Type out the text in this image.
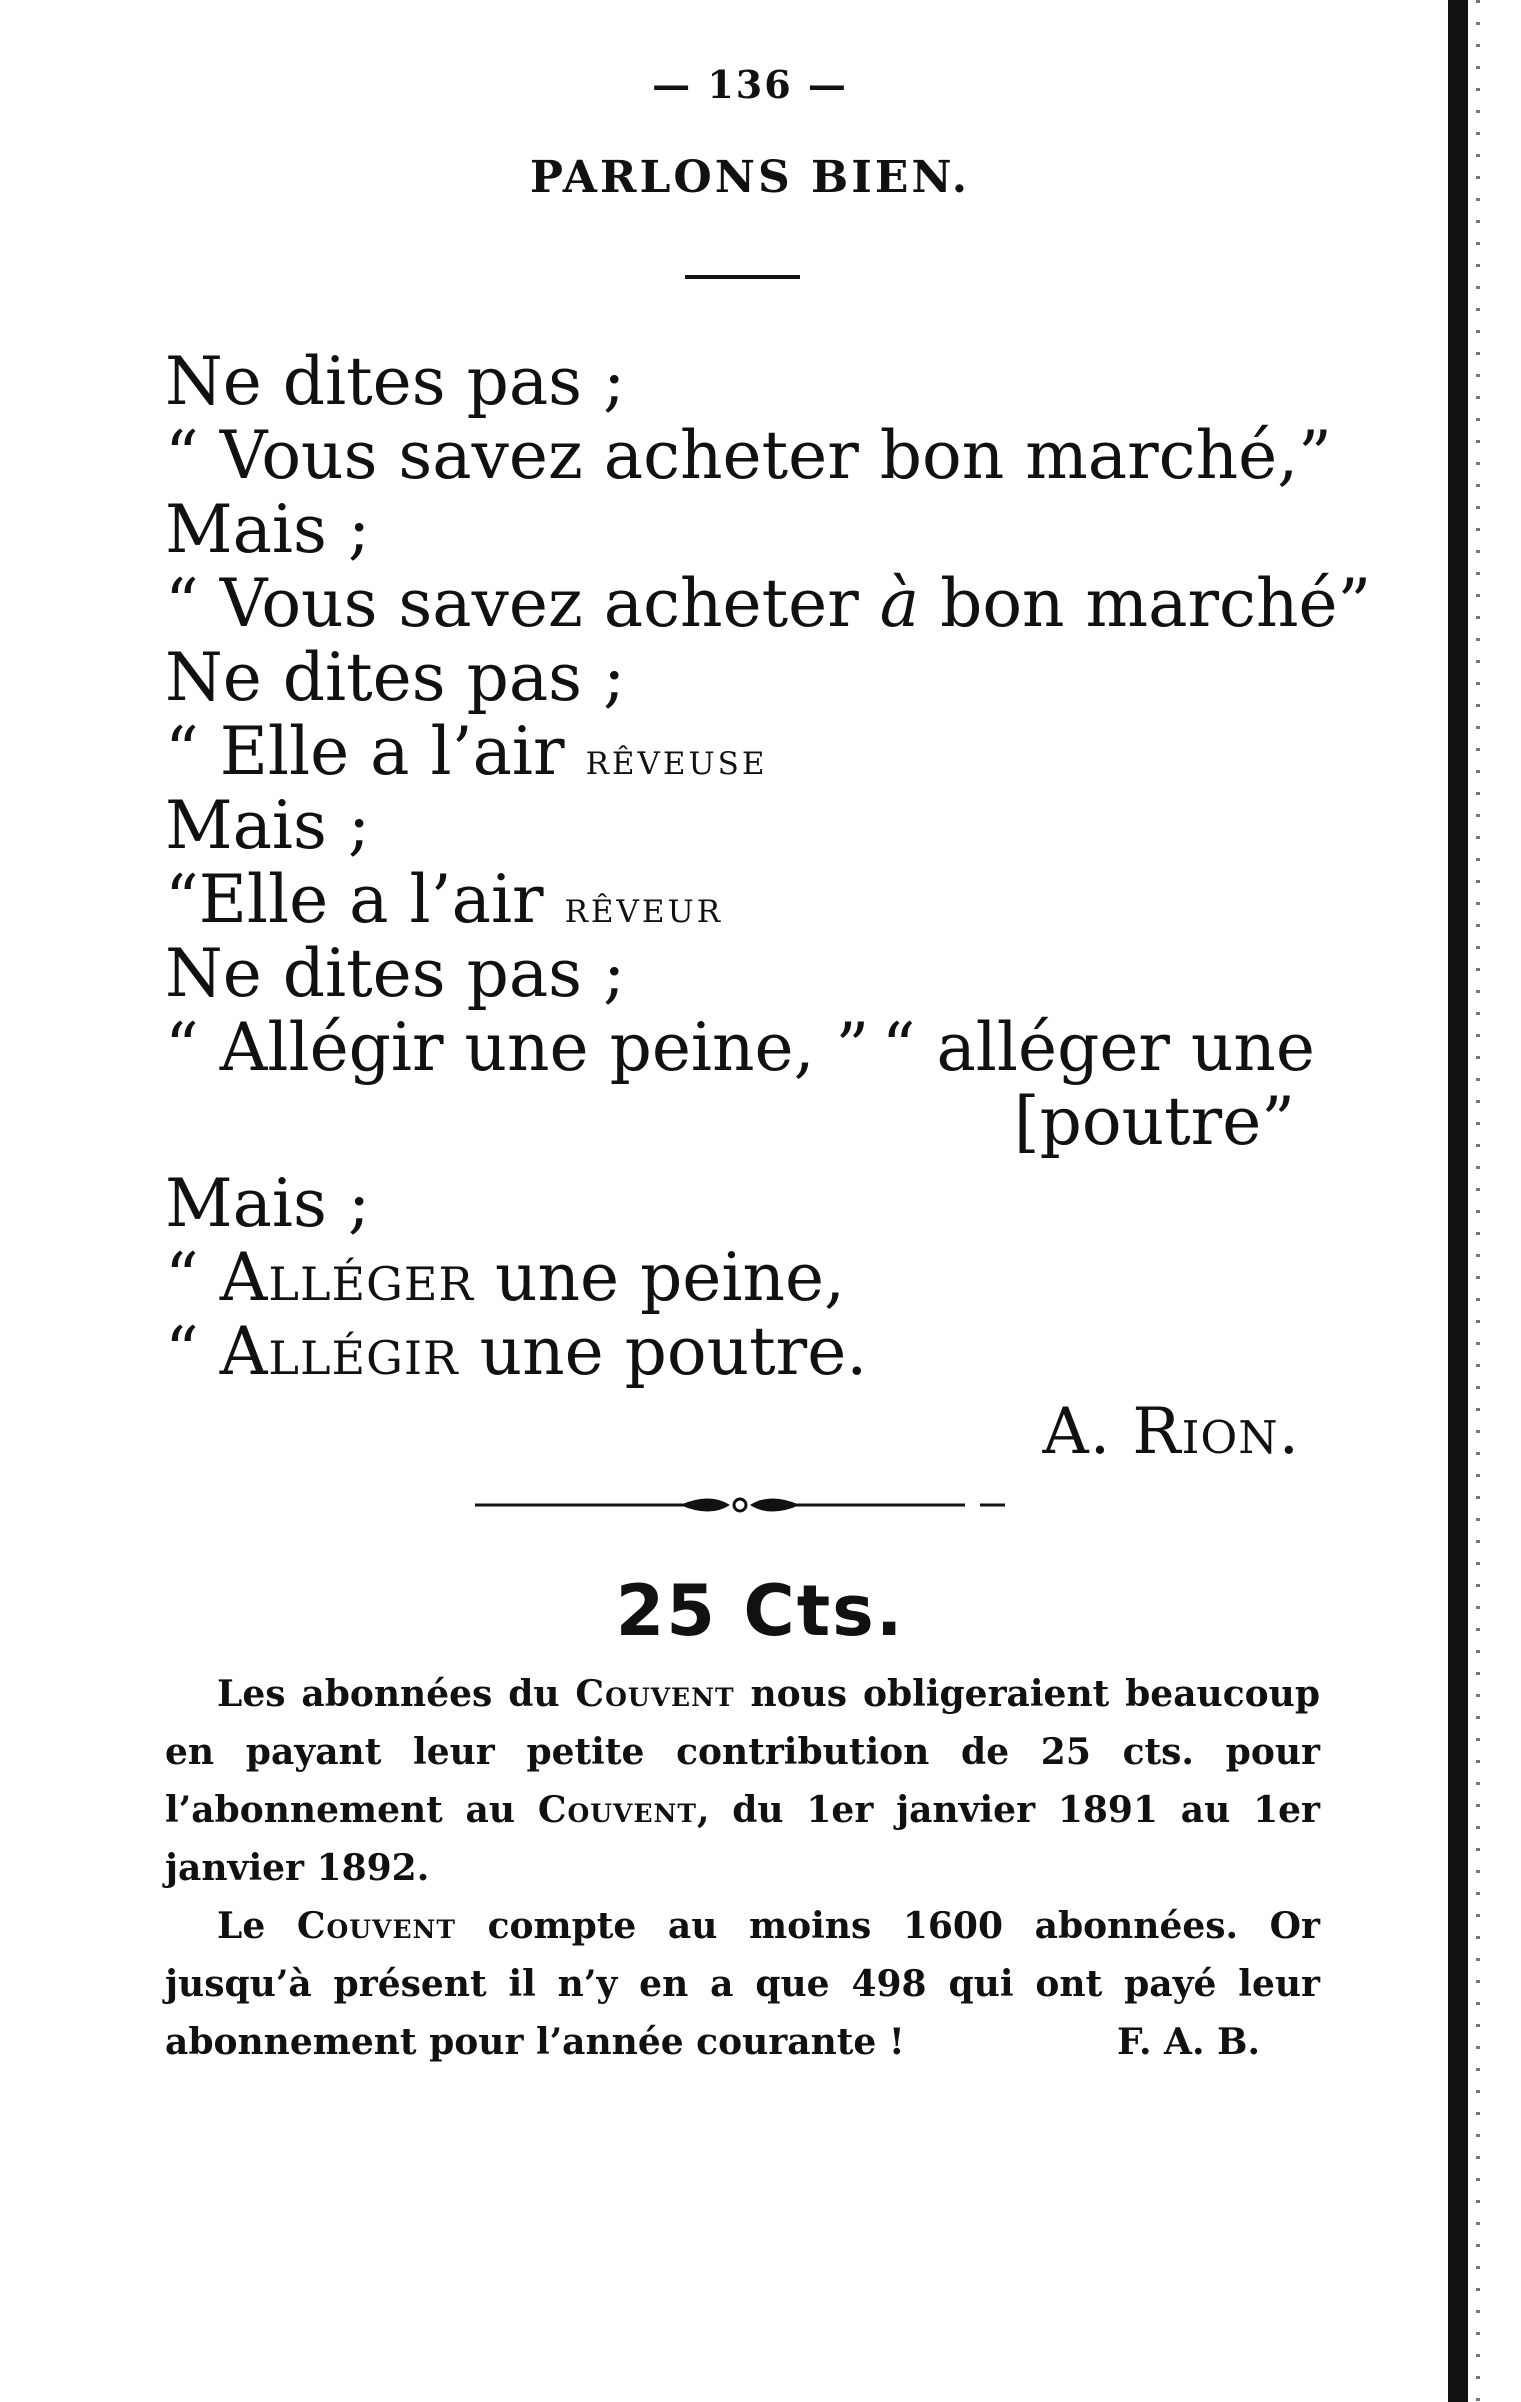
— 136 —
PARLONS BIEN.
Ne dites pas ;
“ Vous savez acheter bon marché,”
Mais ;
“ Vous savez acheter à bon marché”
Ne dites pas ;
“ Elle a l’air rêveuse
Mais ;
“Elle a l’air rêveur
Ne dites pas ;
“ Allégir une peine, ” “ alléger une
[poutre”
Mais ;
“ Alléger une peine,
“ Allégir une poutre.
A. Rion.
25 Cts.

Les abonnées du Couvent nous obligeraient beaucoup en payant leur petite contribution de 25 cts. pour l’abonnement au Couvent, du 1er janvier 1891 au 1er janvier 1892.

Le Couvent compte au moins 1600 abonnées. Or jusqu’à présent il n’y en a que 498 qui ont payé leur abonnement pour l’année courante !	F. A. B.
